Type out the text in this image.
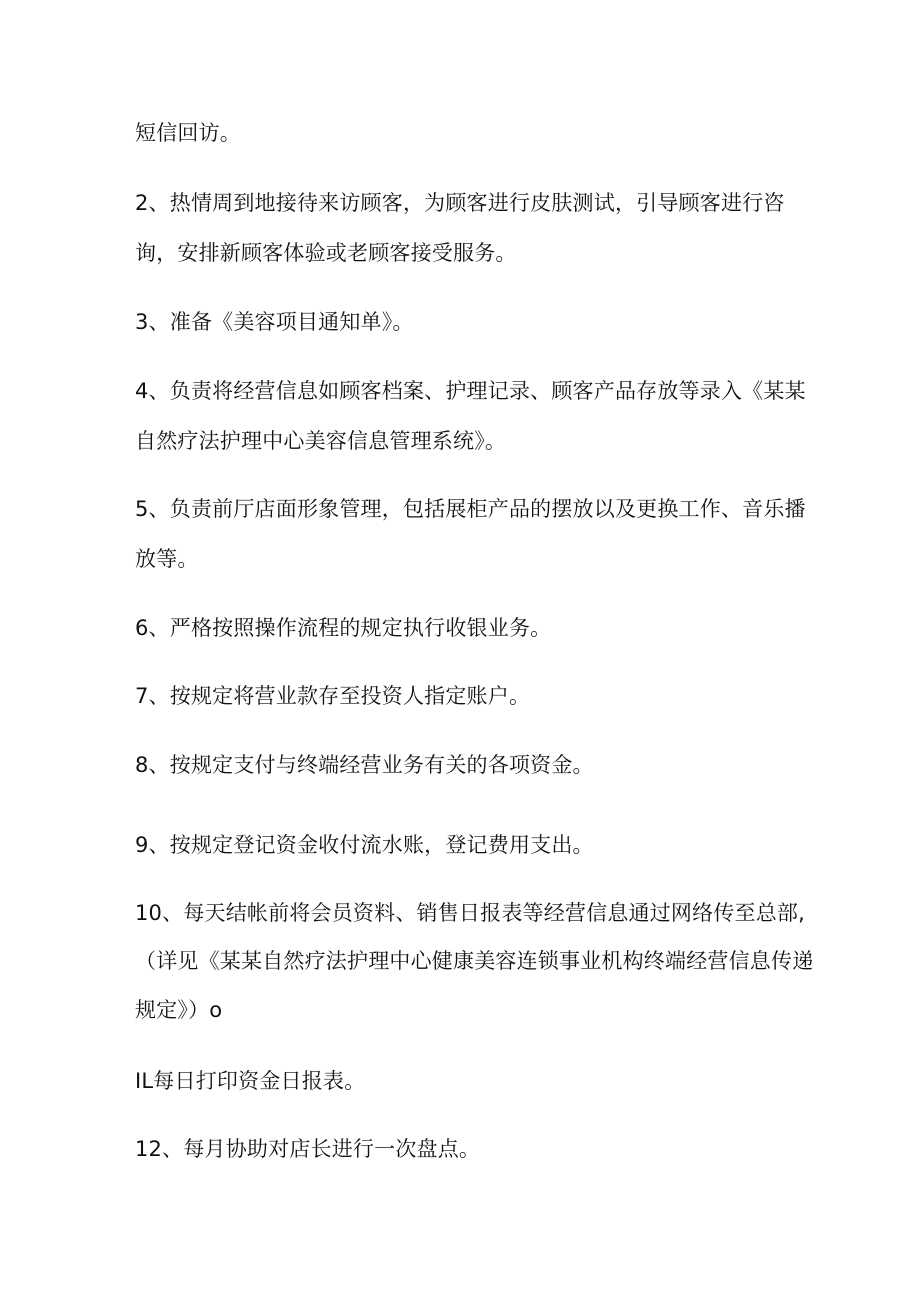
短信回访。
2、热情周到地接待来访顾客，为顾客进行皮肤测试，引导顾客进行咨
询，安排新顾客体验或老顾客接受服务。
3、准备《美容项目通知单》。
4、负责将经营信息如顾客档案、护理记录、顾客产品存放等录入《某某
自然疗法护理中心美容信息管理系统》。
5、负责前厅店面形象管理，包括展柜产品的摆放以及更换工作、音乐播
放等。
6、严格按照操作流程的规定执行收银业务。
7、按规定将营业款存至投资人指定账户。
8、按规定支付与终端经营业务有关的各项资金。
9、按规定登记资金收付流水账，登记费用支出。
10、每天结帐前将会员资料、销售日报表等经营信息通过网络传至总部,
（详见《某某自然疗法护理中心健康美容连锁事业机构终端经营信息传递
规定》）o
IL每日打印资金日报表。
12、每月协助对店长进行一次盘点。
